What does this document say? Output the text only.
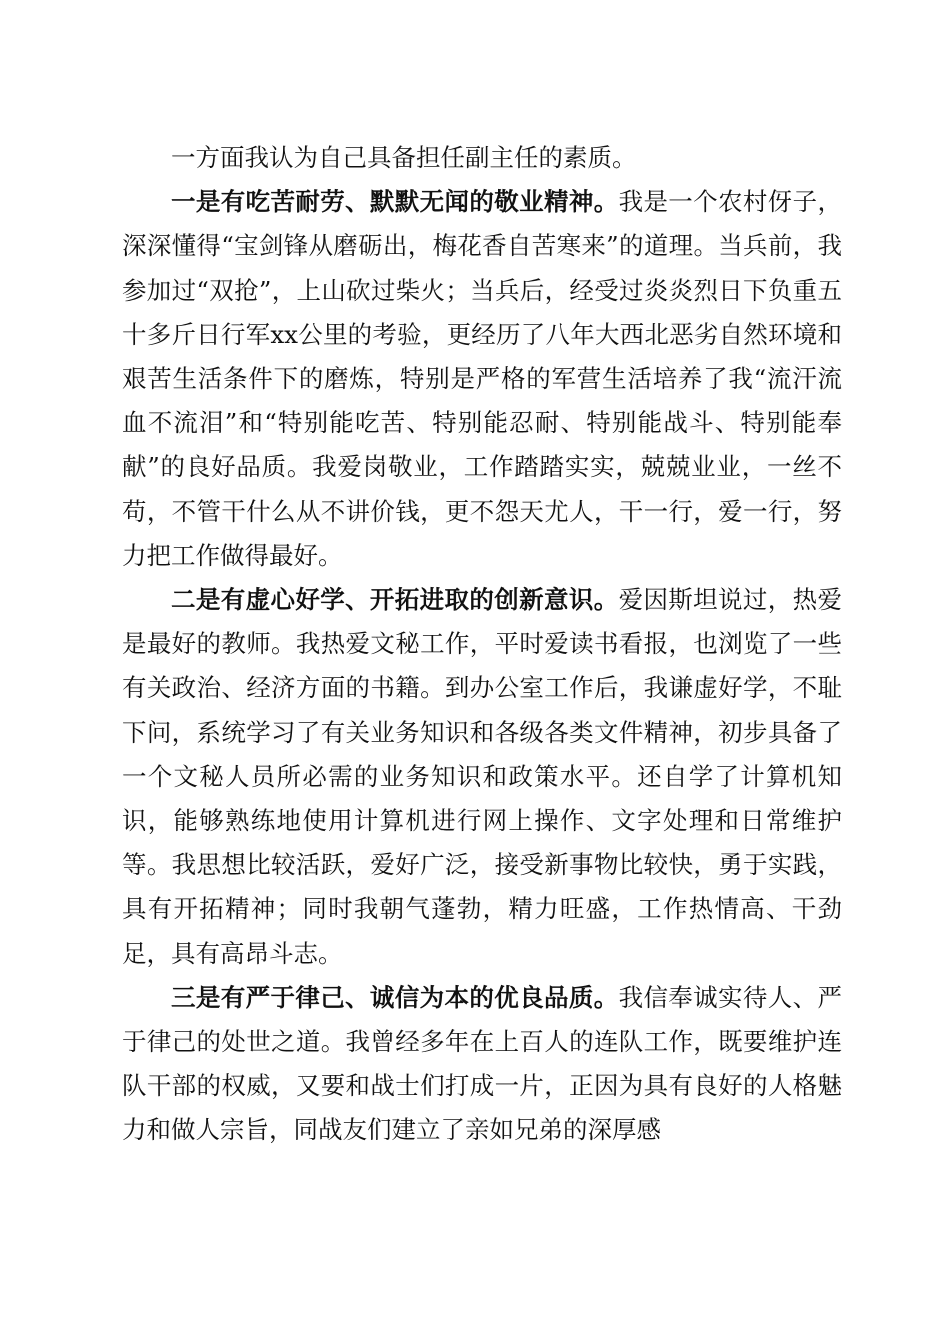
一方面我认为自己具备担任副主任的素质。

一是有吃苦耐劳、默默无闻的敬业精神。我是一个农村伢子，深深懂得“宝剑锋从磨砺出，梅花香自苦寒来”的道理。当兵前，我参加过“双抢”，上山砍过柴火；当兵后，经受过炎炎烈日下负重五十多斤日行军xx公里的考验，更经历了八年大西北恶劣自然环境和艰苦生活条件下的磨炼，特别是严格的军营生活培养了我“流汗流血不流泪”和“特别能吃苦、特别能忍耐、特别能战斗、特别能奉献”的良好品质。我爱岗敬业，工作踏踏实实，兢兢业业，一丝不苟，不管干什么从不讲价钱，更不怨天尤人，干一行，爱一行，努力把工作做得最好。

二是有虚心好学、开拓进取的创新意识。爱因斯坦说过，热爱是最好的教师。我热爱文秘工作，平时爱读书看报，也浏览了一些有关政治、经济方面的书籍。到办公室工作后，我谦虚好学，不耻下问，系统学习了有关业务知识和各级各类文件精神，初步具备了一个文秘人员所必需的业务知识和政策水平。还自学了计算机知识，能够熟练地使用计算机进行网上操作、文字处理和日常维护等。我思想比较活跃，爱好广泛，接受新事物比较快，勇于实践，具有开拓精神；同时我朝气蓬勃，精力旺盛，工作热情高、干劲足，具有高昂斗志。

三是有严于律己、诚信为本的优良品质。我信奉诚实待人、严于律己的处世之道。我曾经多年在上百人的连队工作，既要维护连队干部的权威，又要和战士们打成一片，正因为具有良好的人格魅力和做人宗旨，同战友们建立了亲如兄弟的深厚感
